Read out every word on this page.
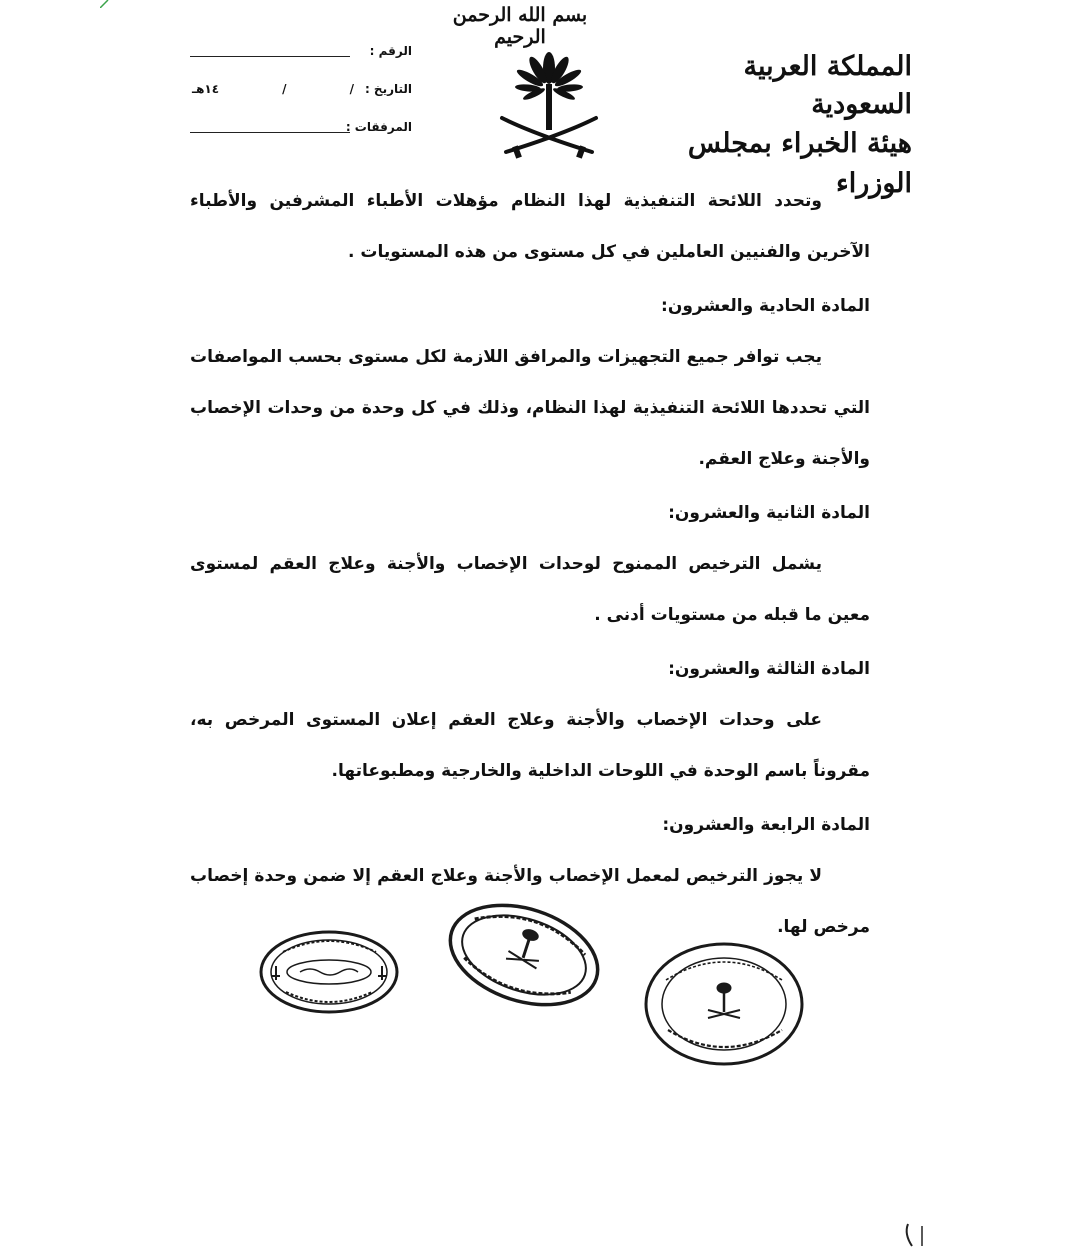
بسم الله الرحمن الرحيم
المملكة العربية السعودية
هيئة الخبراء بمجلس الوزراء
الرقم :
التاريخ :
١٤هـ	/	/
المرفقات :
وتحدد اللائحة التنفيذية لهذا النظام مؤهلات الأطباء المشرفين والأطباء الآخرين والفنيين العاملين في كل مستوى من هذه المستويات .
المادة الحادية والعشرون:
يجب توافر جميع التجهيزات والمرافق اللازمة لكل مستوى بحسب المواصفات التي تحددها اللائحة التنفيذية لهذا النظام، وذلك في كل وحدة من وحدات الإخصاب والأجنة وعلاج العقم.
المادة الثانية والعشرون:
يشمل الترخيص الممنوح لوحدات الإخصاب والأجنة وعلاج العقم لمستوى معين ما قبله من مستويات أدنى .
المادة الثالثة والعشرون:
على وحدات الإخصاب والأجنة وعلاج العقم إعلان المستوى المرخص به، مقروناً باسم الوحدة في اللوحات الداخلية والخارجية ومطبوعاتها.
المادة الرابعة والعشرون:
لا يجوز الترخيص لمعمل الإخصاب والأجنة وعلاج العقم إلا ضمن وحدة إخصاب مرخص لها.
